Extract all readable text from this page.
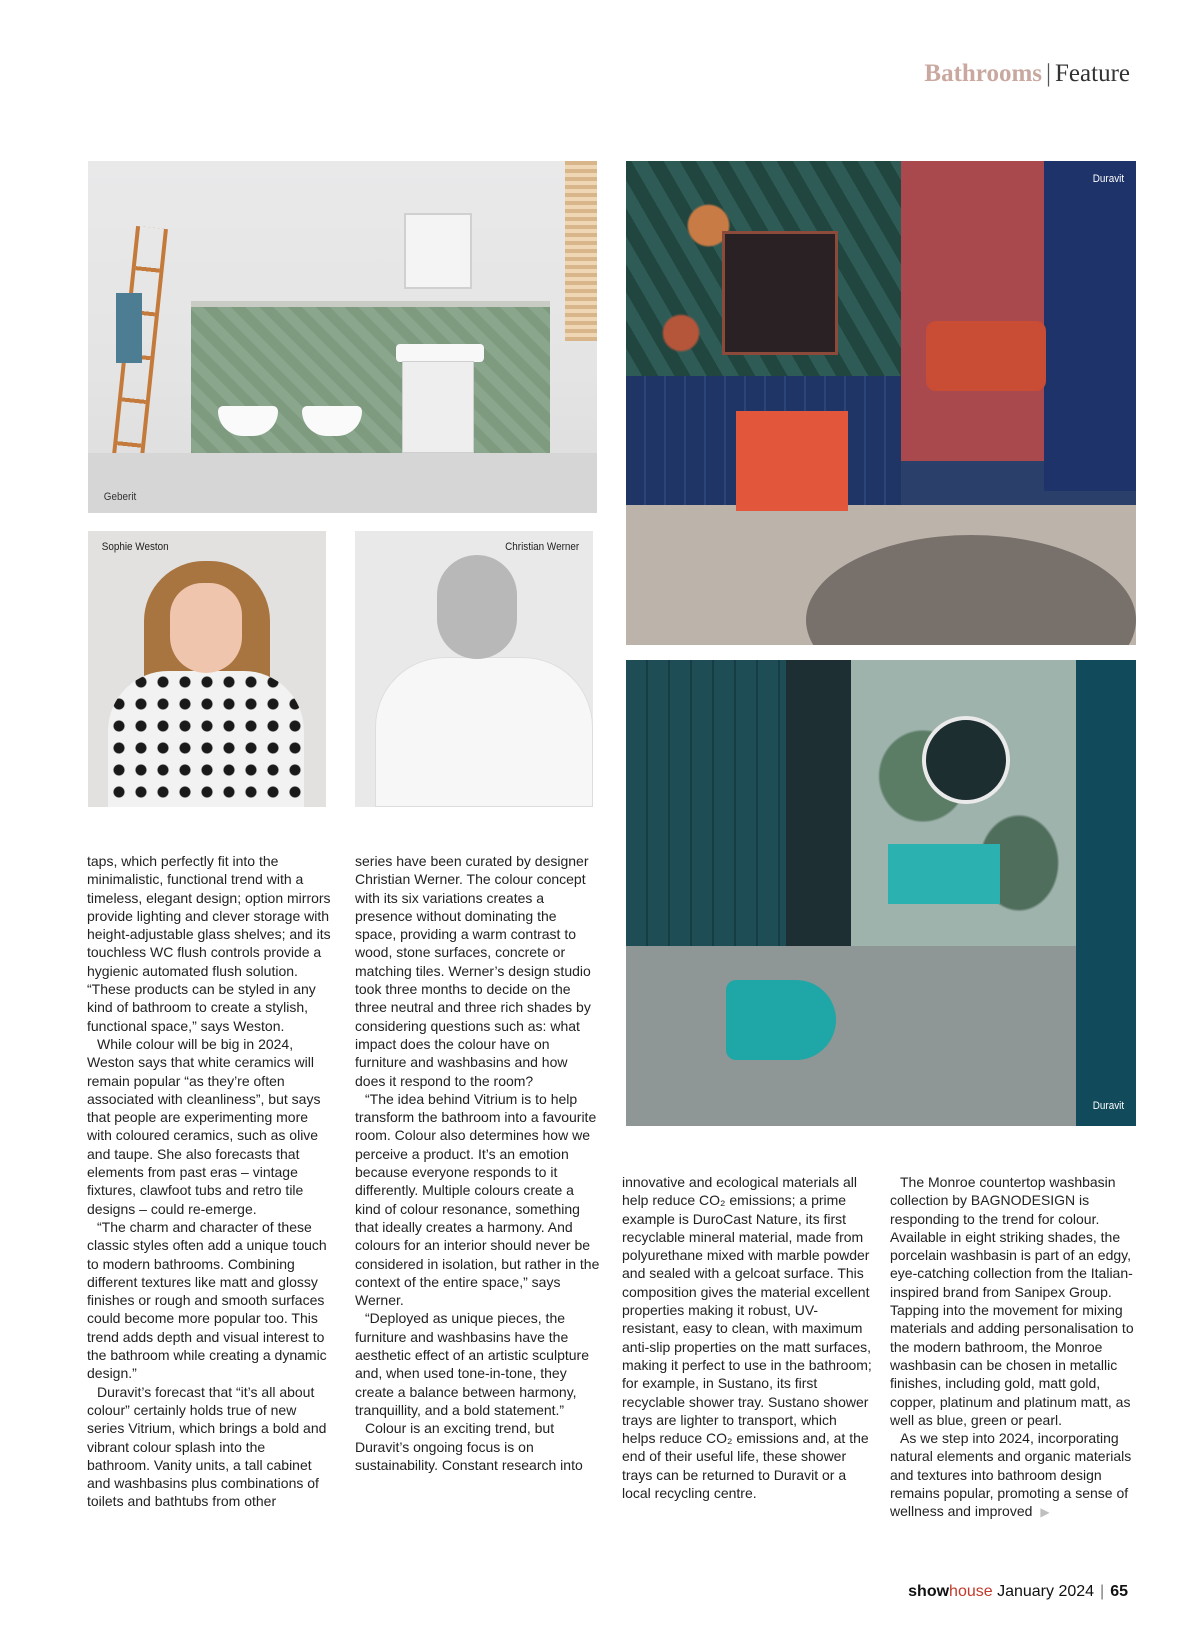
Bathrooms | Feature
Geberit
Duravit
Sophie Weston	Christian Werner
Duravit

taps, which perfectly fit into the minimalistic, functional trend with a timeless, elegant design; option mirrors provide lighting and clever storage with height-adjustable glass shelves; and its touchless WC flush controls provide a hygienic automated flush solution. “These products can be styled in any kind of bathroom to create a stylish, functional space,” says Weston.

While colour will be big in 2024, Weston says that white ceramics will remain popular “as they’re often associated with cleanliness”, but says that people are experimenting more with coloured ceramics, such as olive and taupe. She also forecasts that elements from past eras – vintage fixtures, clawfoot tubs and retro tile designs – could re-emerge.

“The charm and character of these classic styles often add a unique touch to modern bathrooms. Combining different textures like matt and glossy finishes or rough and smooth surfaces could become more popular too. This trend adds depth and visual interest to the bathroom while creating a dynamic design.”

Duravit’s forecast that “it’s all about colour” certainly holds true of new series Vitrium, which brings a bold and vibrant colour splash into the bathroom. Vanity units, a tall cabinet and washbasins plus combinations of toilets and bathtubs from other

series have been curated by designer Christian Werner. The colour concept with its six variations creates a presence without dominating the space, providing a warm contrast to wood, stone surfaces, concrete or matching tiles. Werner’s design studio took three months to decide on the three neutral and three rich shades by considering questions such as: what impact does the colour have on furniture and washbasins and how does it respond to the room?

“The idea behind Vitrium is to help transform the bathroom into a favourite room. Colour also determines how we perceive a product. It’s an emotion because everyone responds to it differently. Multiple colours create a kind of colour resonance, something that ideally creates a harmony. And colours for an interior should never be considered in isolation, but rather in the context of the entire space,” says Werner.

“Deployed as unique pieces, the furniture and washbasins have the aesthetic effect of an artistic sculpture and, when used tone-in-tone, they create a balance between harmony, tranquillity, and a bold statement.”

Colour is an exciting trend, but Duravit’s ongoing focus is on sustainability. Constant research into

innovative and ecological materials all help reduce CO₂ emissions; a prime example is DuroCast Nature, its first recyclable mineral material, made from polyurethane mixed with marble powder and sealed with a gelcoat surface. This composition gives the material excellent properties making it robust, UV-resistant, easy to clean, with maximum anti-slip properties on the matt surfaces, making it perfect to use in the bathroom; for example, in Sustano, its first recyclable shower tray. Sustano shower trays are lighter to transport, which helps reduce CO₂ emissions and, at the end of their useful life, these shower trays can be returned to Duravit or a local recycling centre.

The Monroe countertop washbasin collection by BAGNODESIGN is responding to the trend for colour. Available in eight striking shades, the porcelain washbasin is part of an edgy, eye-catching collection from the Italian-inspired brand from Sanipex Group. Tapping into the movement for mixing materials and adding personalisation to the modern bathroom, the Monroe washbasin can be chosen in metallic finishes, including gold, matt gold, copper, platinum and platinum matt, as well as blue, green or pearl.

As we step into 2024, incorporating natural elements and organic materials and textures into bathroom design remains popular, promoting a sense of wellness and improved ▶

showhouse January 2024 | 65
